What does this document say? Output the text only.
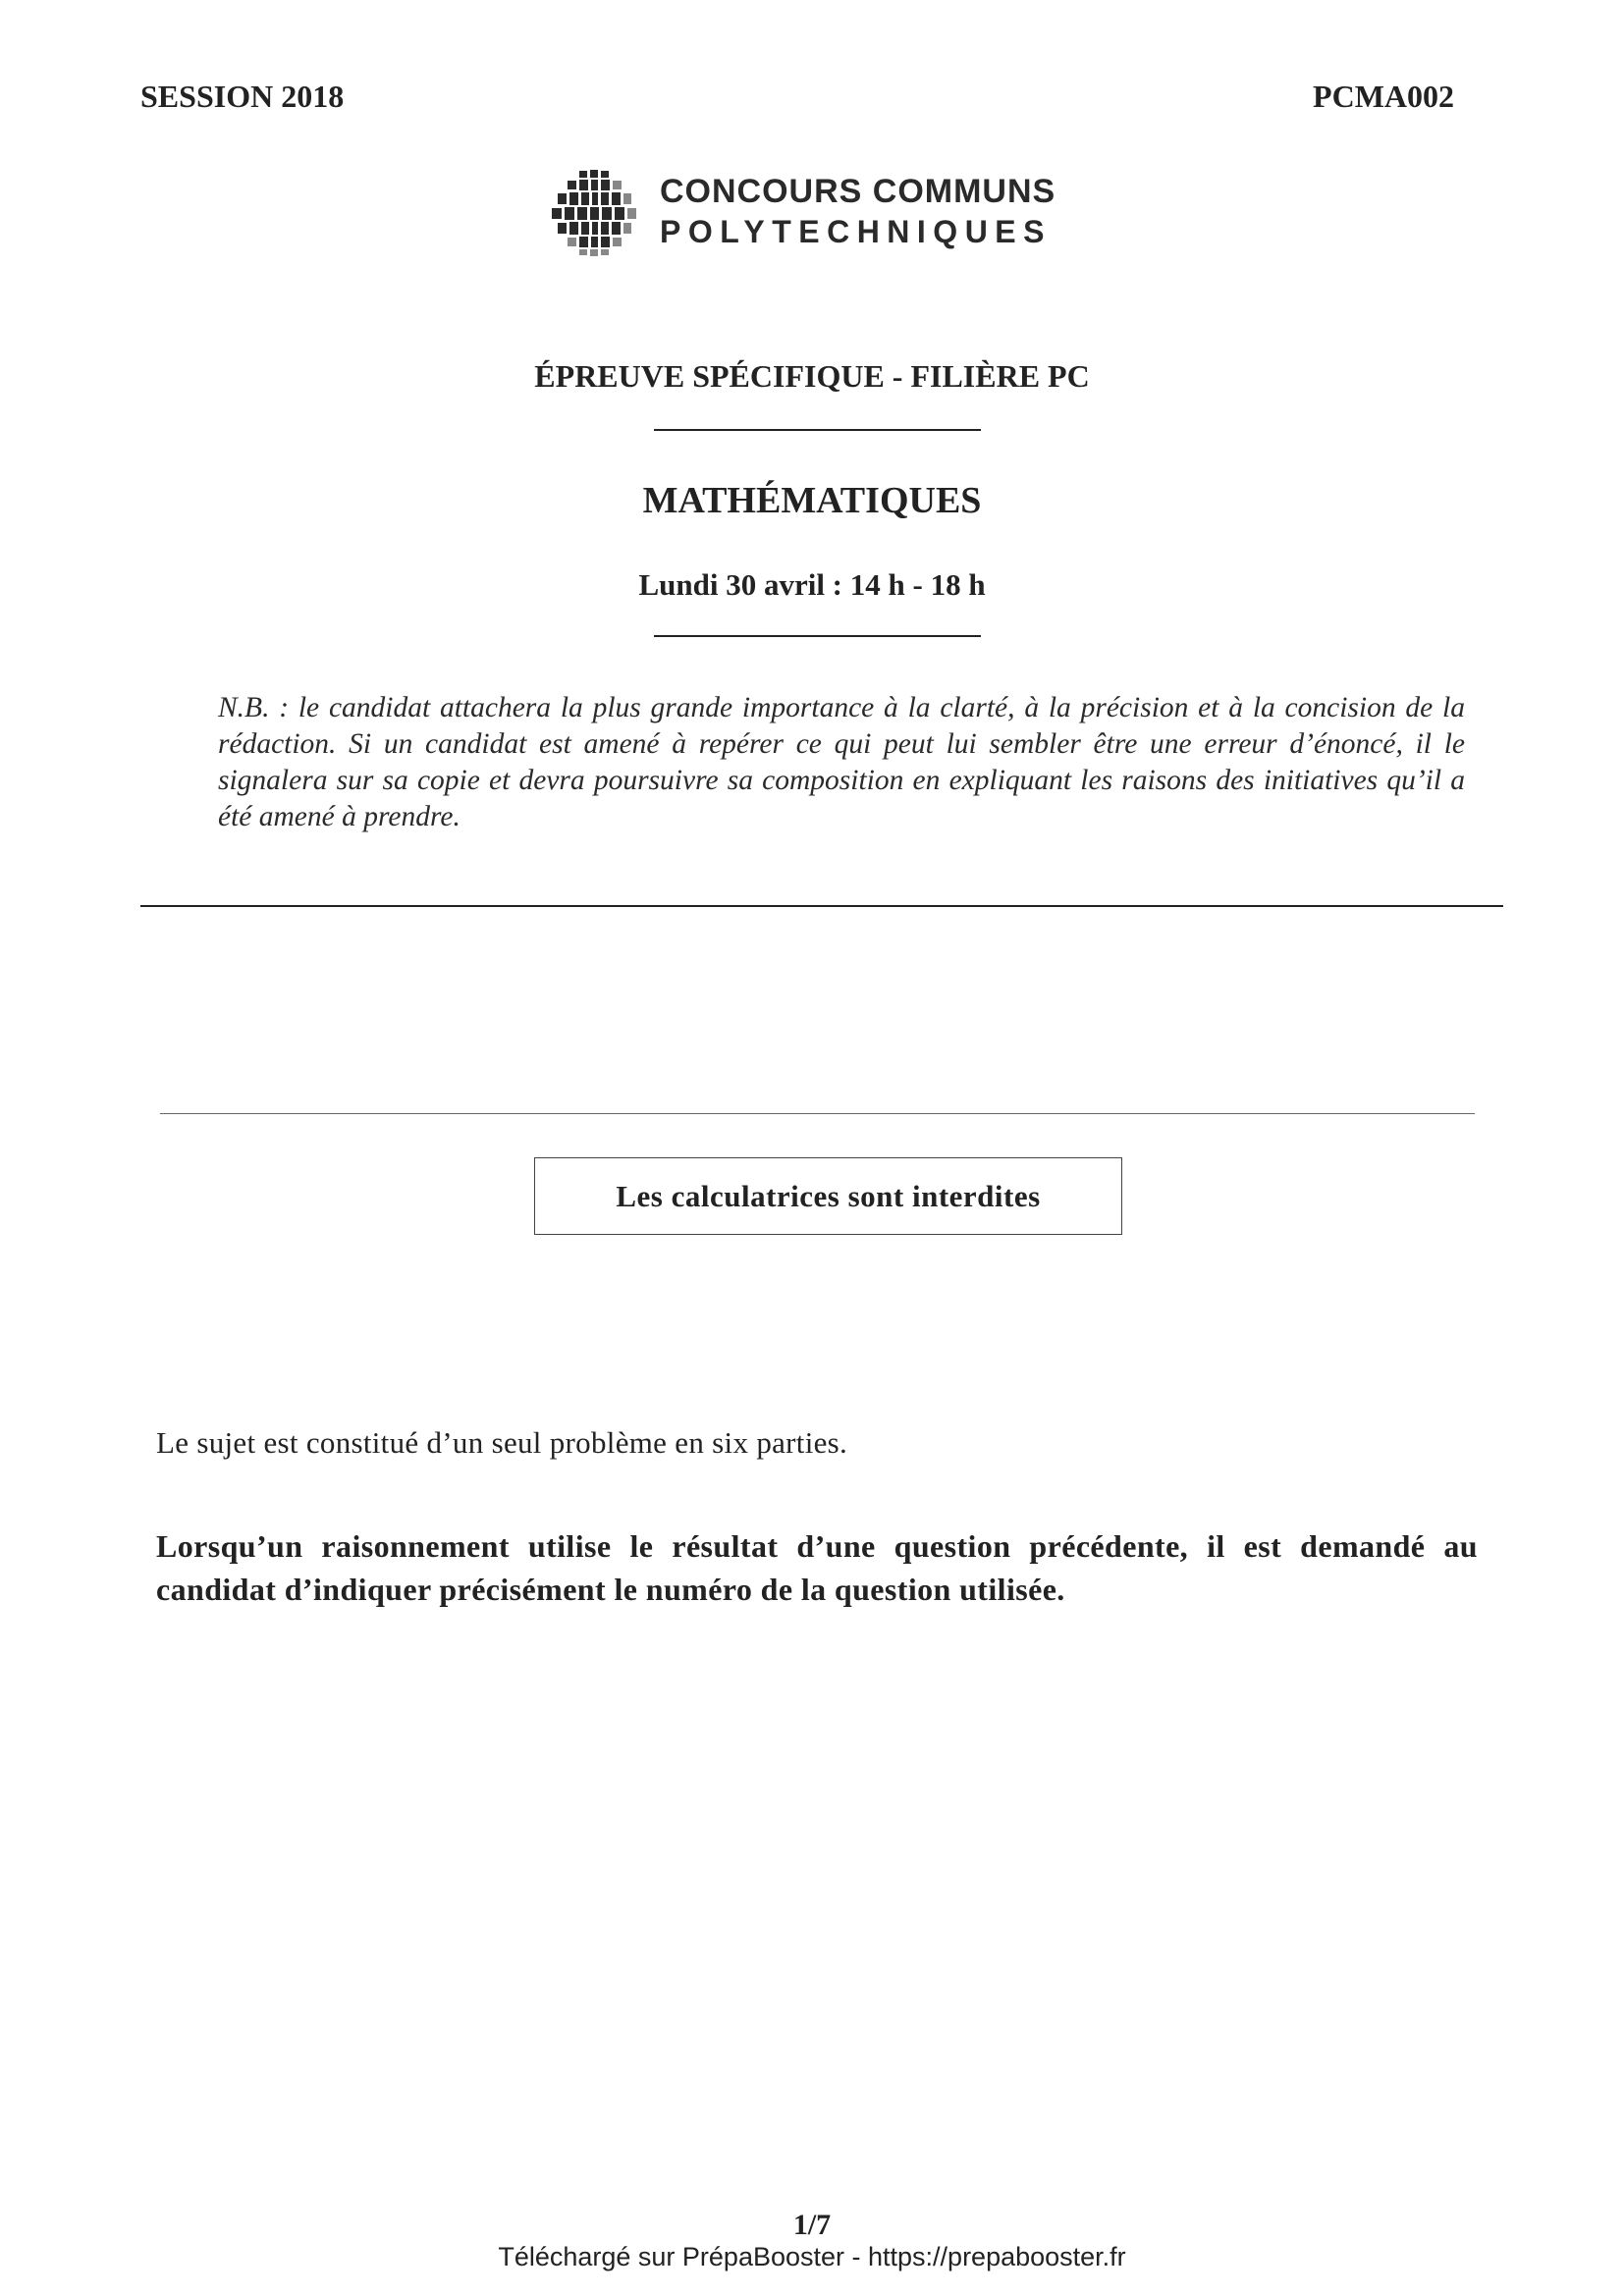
SESSION 2018	PCMA002
CONCOURS COMMUNS
POLYTECHNIQUES
ÉPREUVE SPÉCIFIQUE - FILIÈRE PC
MATHÉMATIQUES
Lundi 30 avril : 14 h - 18 h
N.B. : le candidat attachera la plus grande importance à la clarté, à la précision et à la concision de la rédaction. Si un candidat est amené à repérer ce qui peut lui sembler être une erreur d’énoncé, il le signalera sur sa copie et devra poursuivre sa composition en expliquant les raisons des initiatives qu’il a été amené à prendre.
Les calculatrices sont interdites
Le sujet est constitué d’un seul problème en six parties.
Lorsqu’un raisonnement utilise le résultat d’une question précédente, il est demandé au candidat d’indiquer précisément le numéro de la question utilisée.
1/7
Téléchargé sur PrépaBooster - https://prepabooster.fr
